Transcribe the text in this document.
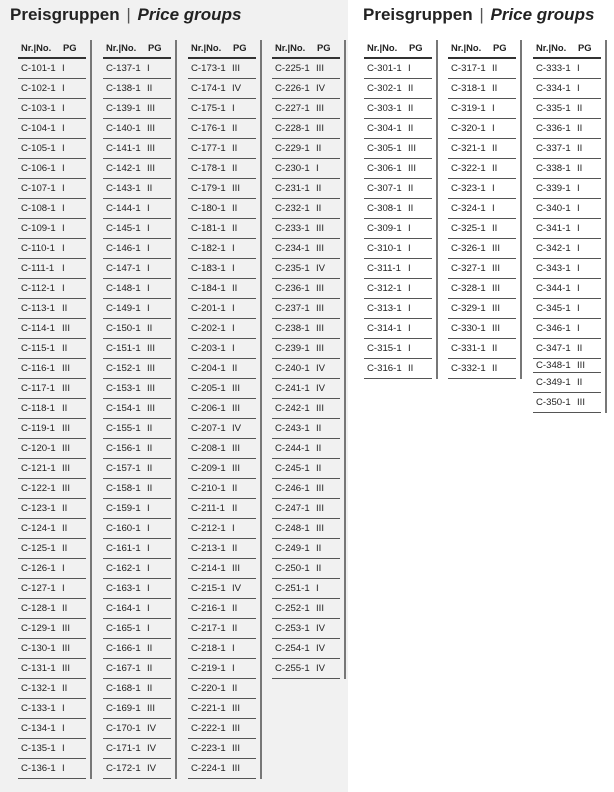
Preisgruppen | Price groups
Nr.|No. PG
C-101-1 I
C-102-1 I
C-103-1 I
C-104-1 I
C-105-1 I
C-106-1 I
C-107-1 I
C-108-1 I
C-109-1 I
C-110-1 I
C-111-1 I
C-112-1 I
C-113-1 II
C-114-1 III
C-115-1 II
C-116-1 III
C-117-1 III
C-118-1 II
C-119-1 III
C-120-1 III
C-121-1 III
C-122-1 III
C-123-1 II
C-124-1 II
C-125-1 II
C-126-1 I
C-127-1 I
C-128-1 II
C-129-1 III
C-130-1 III
C-131-1 III
C-132-1 II
C-133-1 I
C-134-1 I
C-135-1 I
C-136-1 I
Nr.|No. PG
C-137-1 I
C-138-1 II
C-139-1 III
C-140-1 III
C-141-1 III
C-142-1 III
C-143-1 II
C-144-1 I
C-145-1 I
C-146-1 I
C-147-1 I
C-148-1 I
C-149-1 I
C-150-1 II
C-151-1 III
C-152-1 III
C-153-1 III
C-154-1 III
C-155-1 II
C-156-1 II
C-157-1 II
C-158-1 II
C-159-1 I
C-160-1 I
C-161-1 I
C-162-1 I
C-163-1 I
C-164-1 I
C-165-1 I
C-166-1 II
C-167-1 II
C-168-1 II
C-169-1 III
C-170-1 IV
C-171-1 IV
C-172-1 IV
Nr.|No. PG
C-173-1 III
C-174-1 IV
C-175-1 I
C-176-1 II
C-177-1 II
C-178-1 II
C-179-1 III
C-180-1 II
C-181-1 II
C-182-1 I
C-183-1 I
C-184-1 II
C-201-1 I
C-202-1 I
C-203-1 I
C-204-1 II
C-205-1 III
C-206-1 III
C-207-1 IV
C-208-1 III
C-209-1 III
C-210-1 II
C-211-1 II
C-212-1 I
C-213-1 II
C-214-1 III
C-215-1 IV
C-216-1 II
C-217-1 II
C-218-1 I
C-219-1 I
C-220-1 II
C-221-1 III
C-222-1 III
C-223-1 III
C-224-1 III
Nr.|No. PG
C-225-1 III
C-226-1 IV
C-227-1 III
C-228-1 III
C-229-1 II
C-230-1 I
C-231-1 II
C-232-1 II
C-233-1 III
C-234-1 III
C-235-1 IV
C-236-1 III
C-237-1 III
C-238-1 III
C-239-1 III
C-240-1 IV
C-241-1 IV
C-242-1 III
C-243-1 II
C-244-1 II
C-245-1 II
C-246-1 III
C-247-1 III
C-248-1 III
C-249-1 II
C-250-1 II
C-251-1 I
C-252-1 III
C-253-1 IV
C-254-1 IV
C-255-1 IV
Preisgruppen | Price groups
Nr.|No. PG
C-301-1 I
C-302-1 II
C-303-1 II
C-304-1 II
C-305-1 III
C-306-1 III
C-307-1 II
C-308-1 II
C-309-1 I
C-310-1 I
C-311-1 I
C-312-1 I
C-313-1 I
C-314-1 I
C-315-1 I
C-316-1 II
Nr.|No. PG
C-317-1 II
C-318-1 II
C-319-1 I
C-320-1 I
C-321-1 II
C-322-1 II
C-323-1 I
C-324-1 I
C-325-1 II
C-326-1 III
C-327-1 III
C-328-1 III
C-329-1 III
C-330-1 III
C-331-1 II
C-332-1 II
Nr.|No. PG
C-333-1 I
C-334-1 I
C-335-1 II
C-336-1 II
C-337-1 II
C-338-1 II
C-339-1 I
C-340-1 I
C-341-1 I
C-342-1 I
C-343-1 I
C-344-1 I
C-345-1 I
C-346-1 I
C-347-1 II
C-348-1 III
C-349-1 II
C-350-1 III
